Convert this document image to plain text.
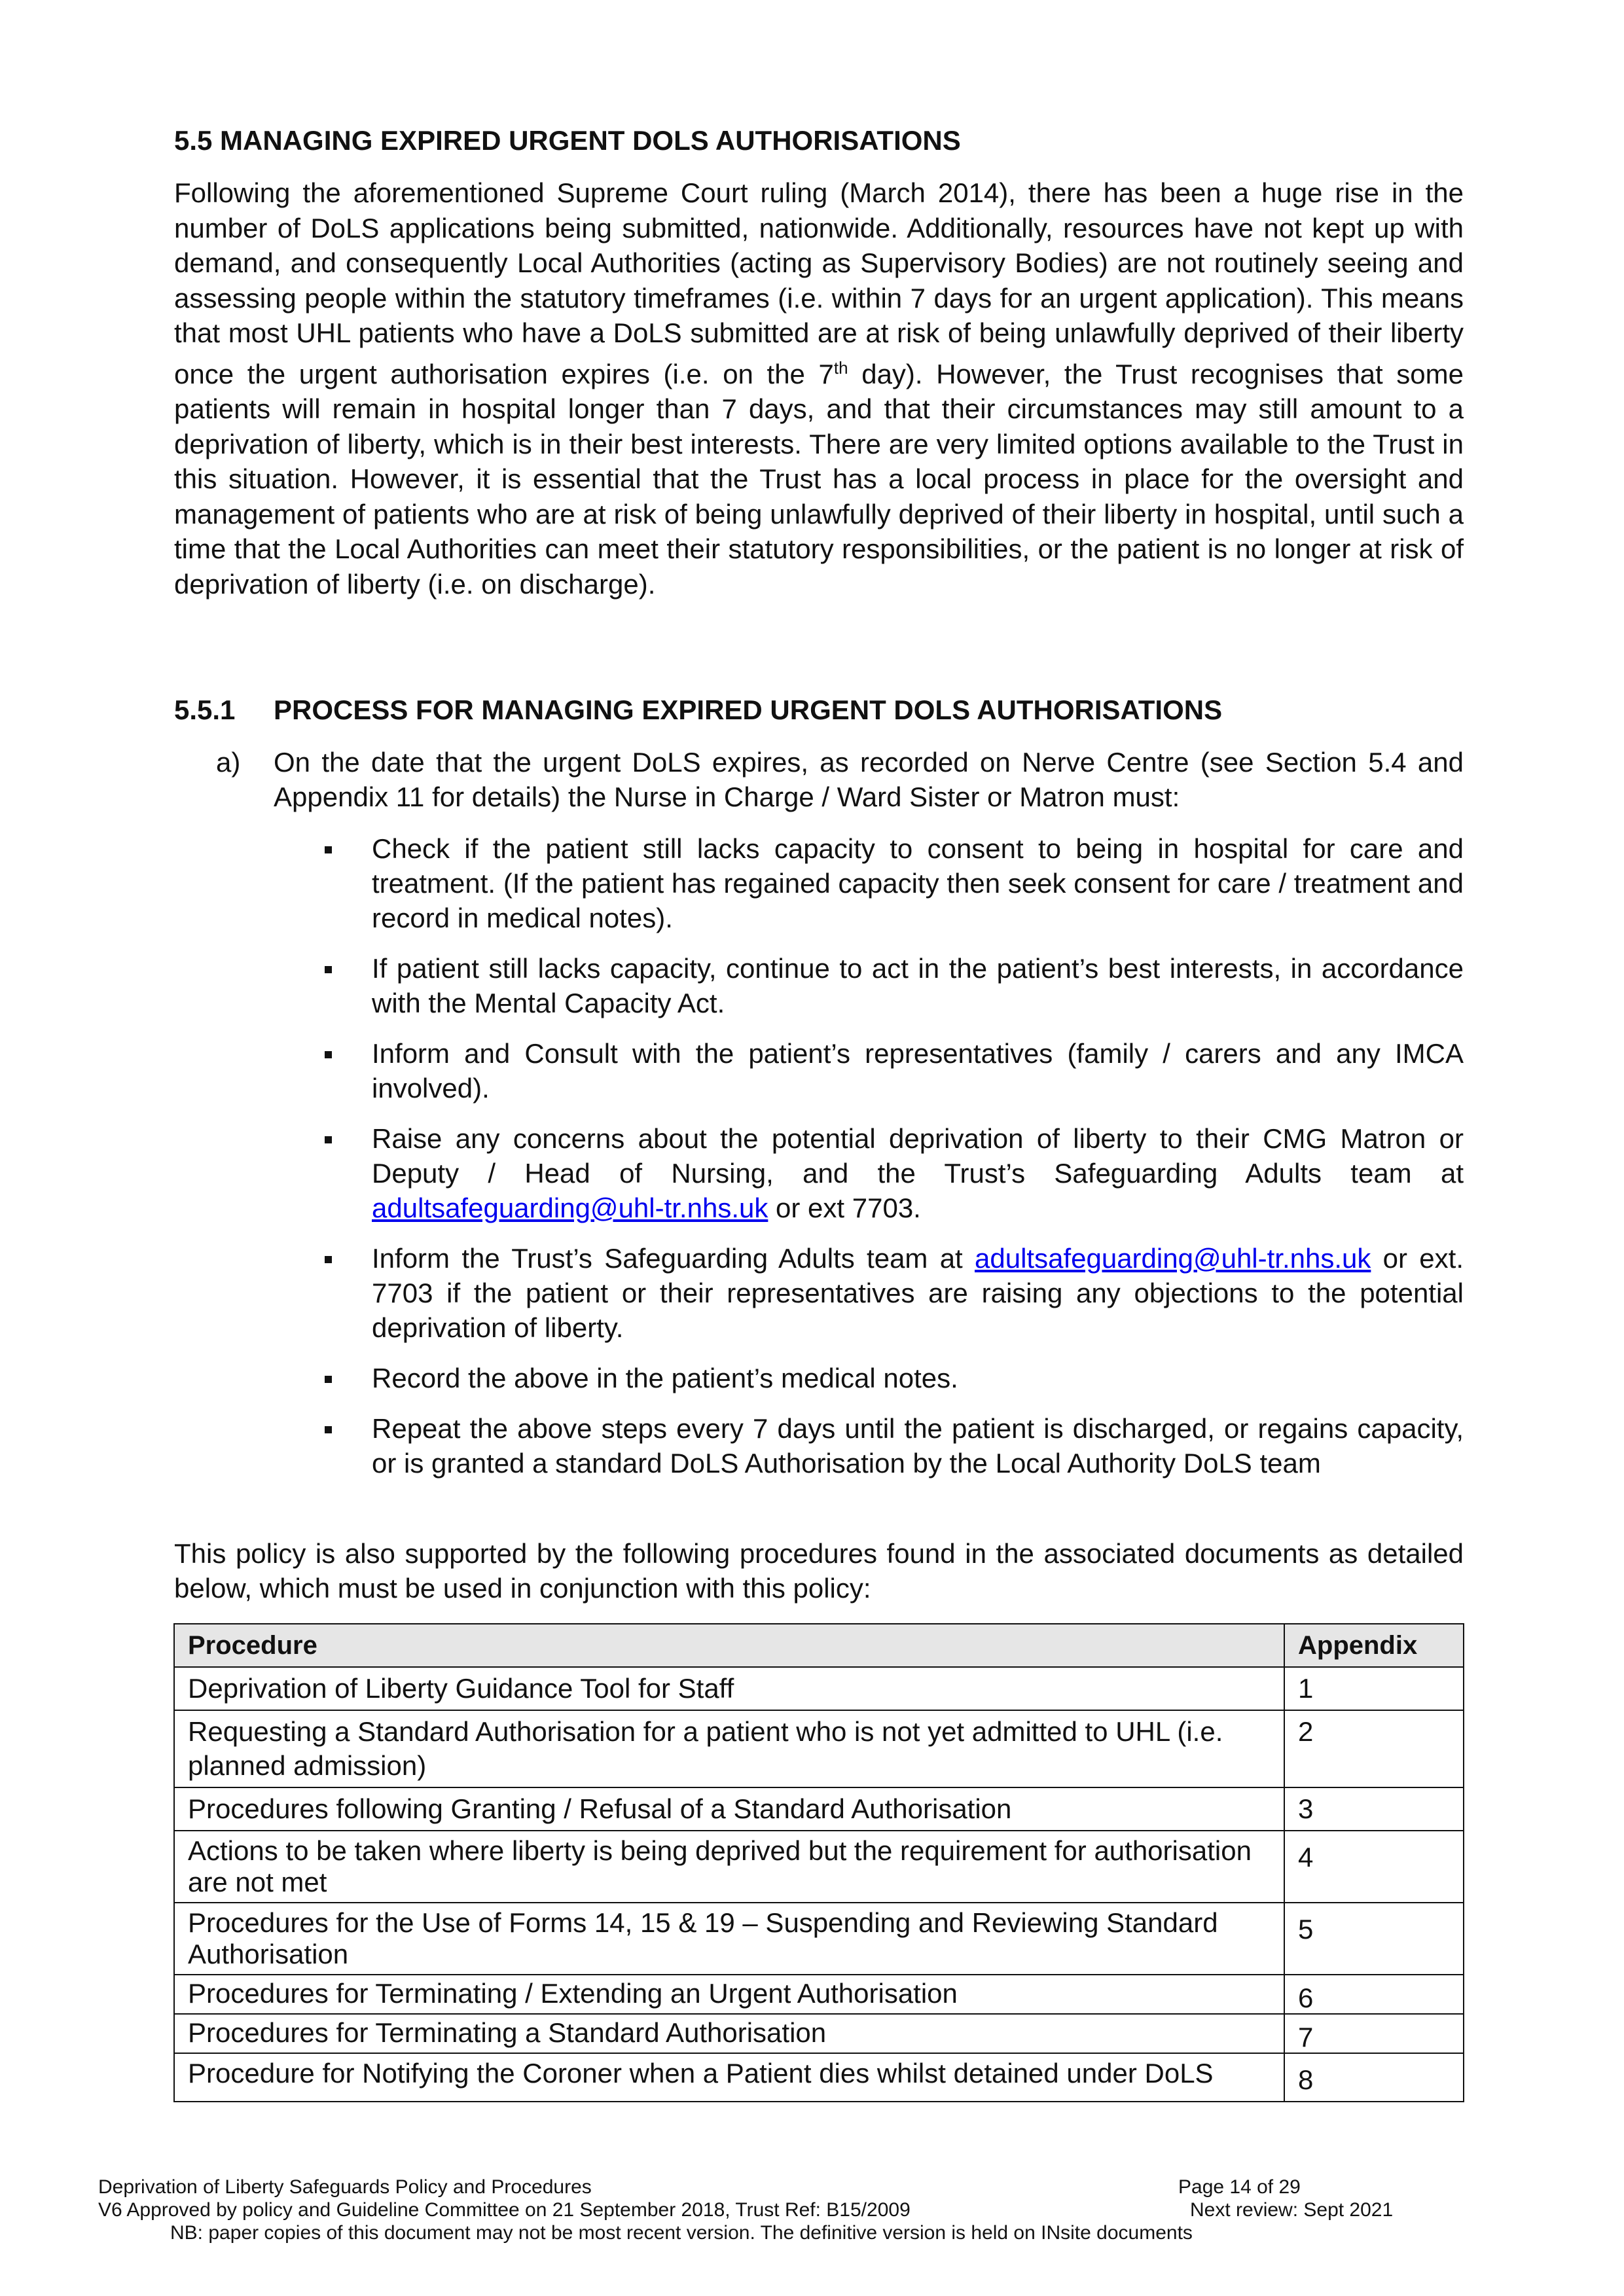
5.5 MANAGING EXPIRED URGENT DOLS AUTHORISATIONS
Following the aforementioned Supreme Court ruling (March 2014), there has been a huge rise in the number of DoLS applications being submitted, nationwide. Additionally, resources have not kept up with demand, and consequently Local Authorities (acting as Supervisory Bodies) are not routinely seeing and assessing people within the statutory timeframes (i.e. within 7 days for an urgent application). This means that most UHL patients who have a DoLS submitted are at risk of being unlawfully deprived of their liberty once the urgent authorisation expires (i.e. on the 7th day). However, the Trust recognises that some patients will remain in hospital longer than 7 days, and that their circumstances may still amount to a deprivation of liberty, which is in their best interests. There are very limited options available to the Trust in this situation. However, it is essential that the Trust has a local process in place for the oversight and management of patients who are at risk of being unlawfully deprived of their liberty in hospital, until such a time that the Local Authorities can meet their statutory responsibilities, or the patient is no longer at risk of deprivation of liberty (i.e. on discharge).
5.5.1 PROCESS FOR MANAGING EXPIRED URGENT DOLS AUTHORISATIONS
a)	On the date that the urgent DoLS expires, as recorded on Nerve Centre (see Section 5.4 and Appendix 11 for details) the Nurse in Charge / Ward Sister or Matron must:
Check if the patient still lacks capacity to consent to being in hospital for care and treatment. (If the patient has regained capacity then seek consent for care / treatment and record in medical notes).
If patient still lacks capacity, continue to act in the patient’s best interests, in accordance with the Mental Capacity Act.
Inform and Consult with the patient’s representatives (family / carers and any IMCA involved).
Raise any concerns about the potential deprivation of liberty to their CMG Matron or Deputy / Head of Nursing, and the Trust’s Safeguarding Adults team at adultsafeguarding@uhl-tr.nhs.uk or ext 7703.
Inform the Trust’s Safeguarding Adults team at adultsafeguarding@uhl-tr.nhs.uk or ext. 7703 if the patient or their representatives are raising any objections to the potential deprivation of liberty.
Record the above in the patient’s medical notes.
Repeat the above steps every 7 days until the patient is discharged, or regains capacity, or is granted a standard DoLS Authorisation by the Local Authority DoLS team
This policy is also supported by the following procedures found in the associated documents as detailed below, which must be used in conjunction with this policy:
Procedure	Appendix
Deprivation of Liberty Guidance Tool for Staff	1
Requesting a Standard Authorisation for a patient who is not yet admitted to UHL (i.e. planned admission)	2
Procedures following Granting / Refusal of a Standard Authorisation	3
Actions to be taken where liberty is being deprived but the requirement for authorisation are not met	4
Procedures for the Use of Forms 14, 15 & 19 – Suspending and Reviewing Standard Authorisation	5
Procedures for Terminating / Extending an Urgent Authorisation	6
Procedures for Terminating a Standard Authorisation	7
Procedure for Notifying the Coroner when a Patient dies whilst detained under DoLS	8
Deprivation of Liberty Safeguards Policy and Procedures	Page 14 of 29
V6 Approved by policy and Guideline Committee on 21 September 2018, Trust Ref: B15/2009	Next review: Sept 2021
NB: paper copies of this document may not be most recent version. The definitive version is held on INsite documents
